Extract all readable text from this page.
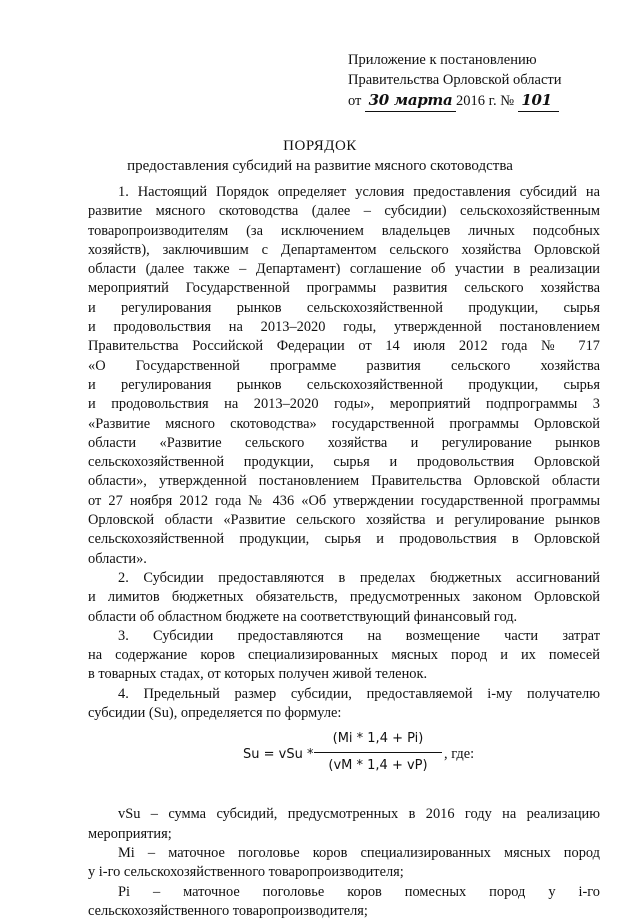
Приложение к постановлению
Правительства Орловской области
от 30 марта 2016 г. № 101
ПОРЯДОК
предоставления субсидий на развитие мясного скотоводства

1. Настоящий Порядок определяет условия предоставления субсидий на
развитие мясного скотоводства (далее – субсидии) сельскохозяйственным
товаропроизводителям (за исключением владельцев личных подсобных
хозяйств), заключившим с Департаментом сельского хозяйства Орловской
области (далее также – Департамент) соглашение об участии в реализации
мероприятий Государственной программы развития сельского хозяйства
и регулирования рынков сельскохозяйственной продукции, сырья
и продовольствия на 2013–2020 годы, утвержденной постановлением
Правительства Российской Федерации от 14 июля 2012 года № 717
«О Государственной программе развития сельского хозяйства
и регулирования рынков сельскохозяйственной продукции, сырья
и продовольствия на 2013–2020 годы», мероприятий подпрограммы 3
«Развитие мясного скотоводства» государственной программы Орловской
области «Развитие сельского хозяйства и регулирование рынков
сельскохозяйственной продукции, сырья и продовольствия Орловской
области», утвержденной постановлением Правительства Орловской области
от 27 ноября 2012 года № 436 «Об утверждении государственной программы
Орловской области «Развитие сельского хозяйства и регулирование рынков
сельскохозяйственной продукции, сырья и продовольствия в Орловской
области».

2. Субсидии предоставляются в пределах бюджетных ассигнований
и лимитов бюджетных обязательств, предусмотренных законом Орловской
области об областном бюджете на соответствующий финансовый год.

3. Субсидии предоставляются на возмещение части затрат
на содержание коров специализированных мясных пород и их помесей
в товарных стадах, от которых получен живой теленок.

4. Предельный размер субсидии, предоставляемой i-му получателю
субсидии (Su), определяется по формуле:

Su = vSu * $\frac{(Mi * 1,4 + Pi)}{(vM * 1,4 + vP)}$ , где:

vSu – сумма субсидий, предусмотренных в 2016 году на реализацию
мероприятия;

Mi – маточное поголовье коров специализированных мясных пород
у i-го сельскохозяйственного товаропроизводителя;

Pi – маточное поголовье коров помесных пород у i-го
сельскохозяйственного товаропроизводителя;
